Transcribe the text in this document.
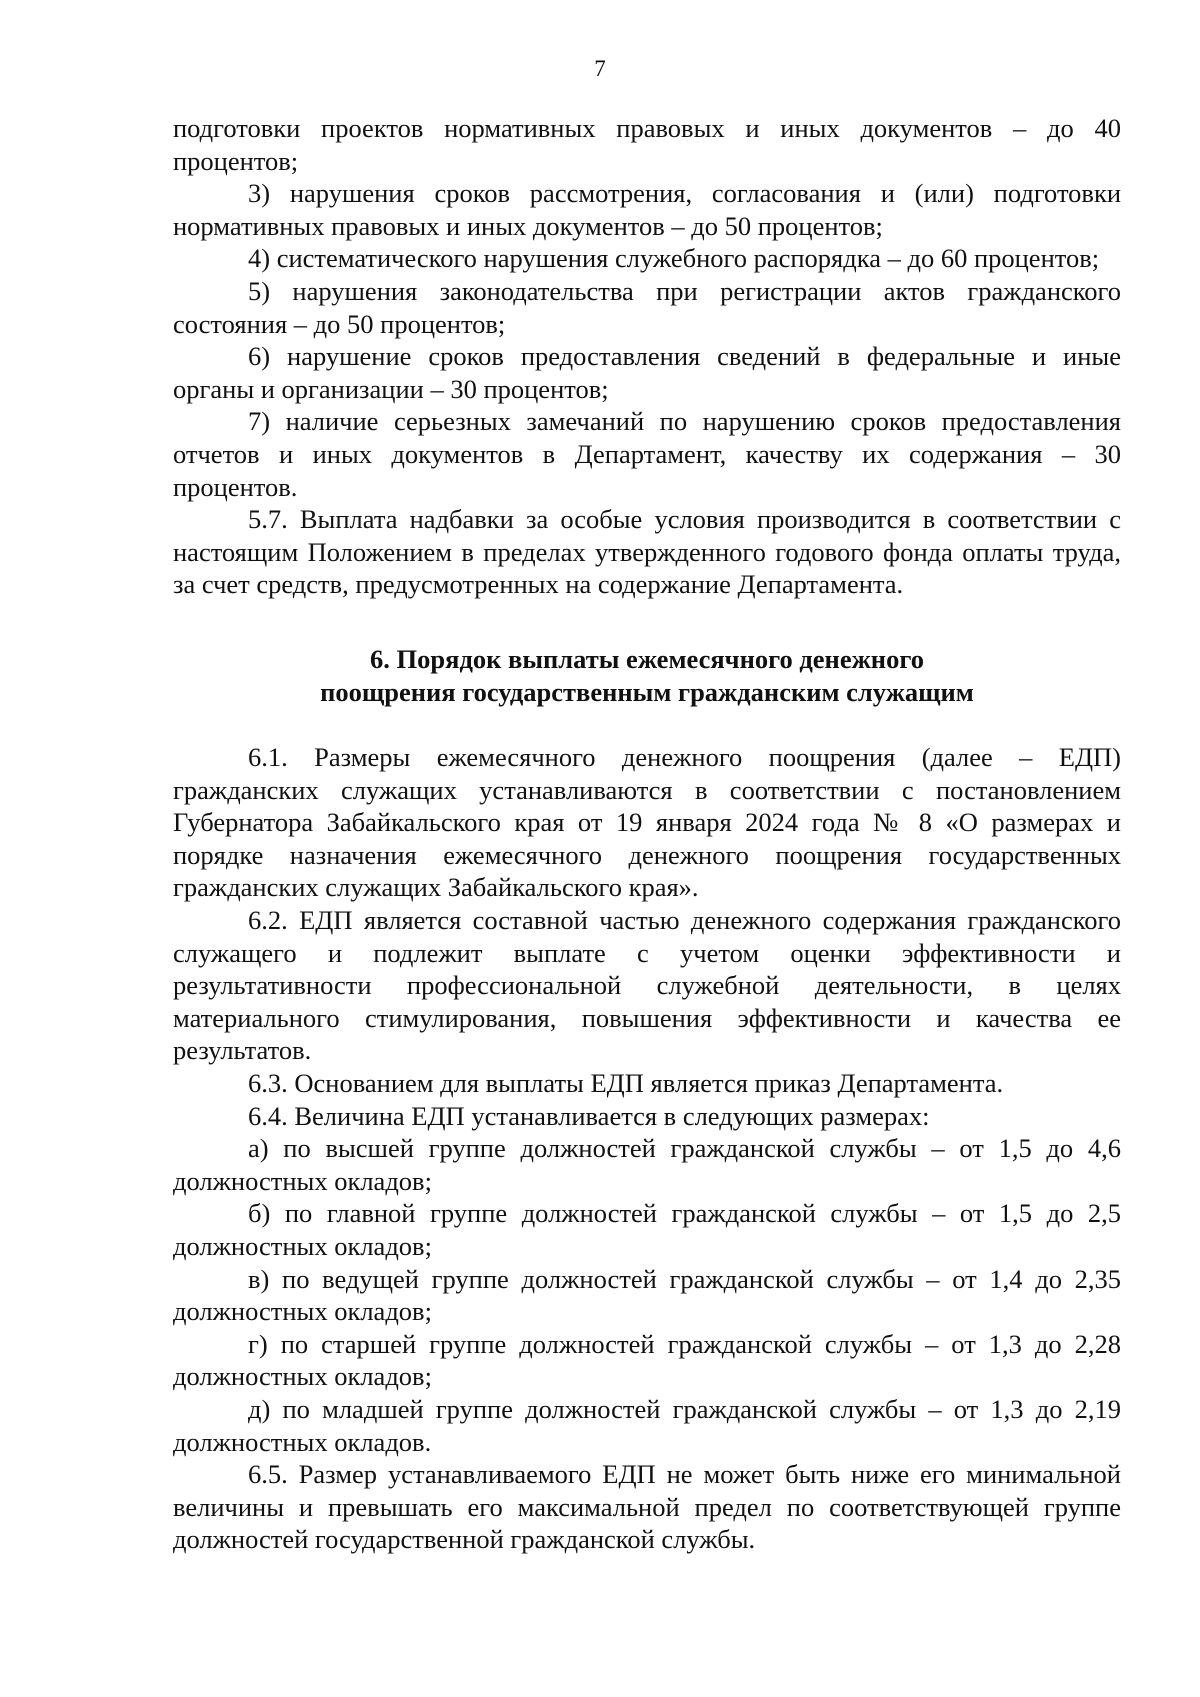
7

подготовки проектов нормативных правовых и иных документов – до 40 процентов;

3) нарушения сроков рассмотрения, согласования и (или) подготовки нормативных правовых и иных документов – до 50 процентов;

4) систематического нарушения служебного распорядка – до 60 процентов;

5) нарушения законодательства при регистрации актов гражданского состояния – до 50 процентов;

6) нарушение сроков предоставления сведений в федеральные и иные органы и организации – 30 процентов;

7) наличие серьезных замечаний по нарушению сроков предоставления отчетов и иных документов в Департамент, качеству их содержания – 30 процентов.

5.7. Выплата надбавки за особые условия производится в соответствии с настоящим Положением в пределах утвержденного годового фонда оплаты труда, за счет средств, предусмотренных на содержание Департамента.

6. Порядок выплаты ежемесячного денежного
поощрения государственным гражданским служащим

6.1. Размеры ежемесячного денежного поощрения (далее – ЕДП) гражданских служащих устанавливаются в соответствии с постановлением Губернатора Забайкальского края от 19 января 2024 года № 8 «О размерах и порядке назначения ежемесячного денежного поощрения государственных гражданских служащих Забайкальского края».

6.2. ЕДП является составной частью денежного содержания гражданского служащего и подлежит выплате с учетом оценки эффективности и результативности профессиональной служебной деятельности, в целях материального стимулирования, повышения эффективности и качества ее результатов.

6.3. Основанием для выплаты ЕДП является приказ Департамента.

6.4. Величина ЕДП устанавливается в следующих размерах:

а) по высшей группе должностей гражданской службы – от 1,5 до 4,6 должностных окладов;

б) по главной группе должностей гражданской службы – от 1,5 до 2,5 должностных окладов;

в) по ведущей группе должностей гражданской службы – от 1,4 до 2,35 должностных окладов;

г) по старшей группе должностей гражданской службы – от 1,3 до 2,28 должностных окладов;

д) по младшей группе должностей гражданской службы – от 1,3 до 2,19 должностных окладов.

6.5. Размер устанавливаемого ЕДП не может быть ниже его минимальной величины и превышать его максимальной предел по соответствующей группе должностей государственной гражданской службы.
